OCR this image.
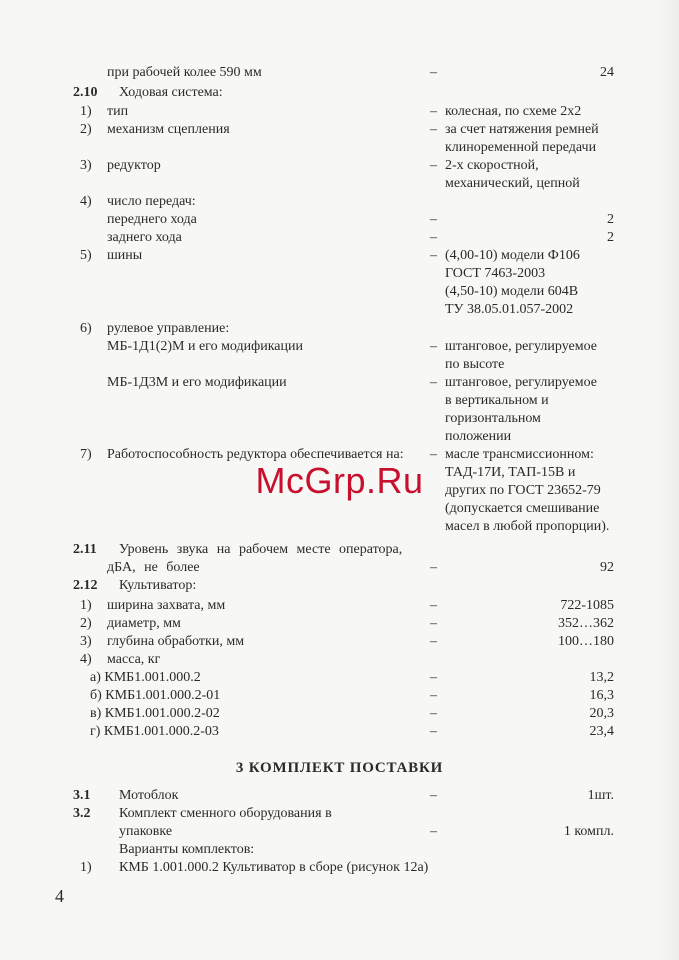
при рабочей колее 590 мм	–	24
2.10 Ходовая система:
1) тип	– колесная, по схеме 2х2
2) механизм сцепления	– за счет натяжения ремней
клиноременной передачи
3) редуктор	– 2-х скоростной,
механический, цепной
4) число передач:
переднего хода	–	2
заднего хода	–	2
5) шины	– (4,00-10) модели Ф106
ГОСТ 7463-2003
(4,50-10) модели 604В
ТУ 38.05.01.057-2002
6) рулевое управление:
МБ-1Д1(2)М и его модификации	– штанговое, регулируемое
по высоте
МБ-1Д3М и его модификации	– штанговое, регулируемое
в вертикальном и
горизонтальном
положении
7) Работоспособность редуктора обеспечивается на: – масле трансмиссионном:
ТАД-17И, ТАП-15В и
других по ГОСТ 23652-79
(допускается смешивание
масел в любой пропорции).
2.11 Уровень звука на рабочем месте оператора,
дБА, не более	–	92
2.12 Культиватор:
1) ширина захвата, мм	–	722-1085
2) диаметр, мм	–	352…362
3) глубина обработки, мм	–	100…180
4) масса, кг
а) КМБ1.001.000.2	–	13,2
б) КМБ1.001.000.2-01	–	16,3
в) КМБ1.001.000.2-02	–	20,3
г) КМБ1.001.000.2-03	–	23,4
3.1 Мотоблок	–	1шт.
3.2 Комплект сменного оборудования в
упаковке	–	1 компл.
Варианты комплектов:
1) КМБ 1.001.000.2 Культиватор в сборе (рисунок 12а)
McGrp.Ru
3 КОМПЛЕКТ ПОСТАВКИ
4
